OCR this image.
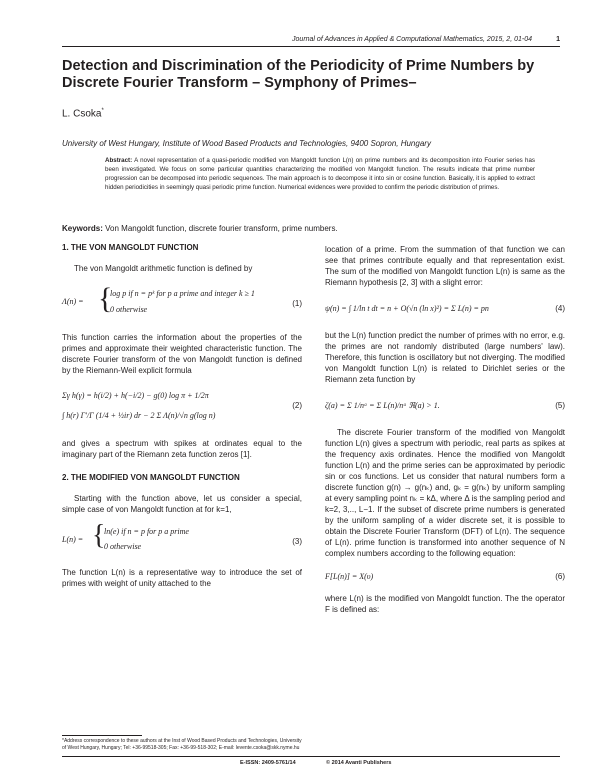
Journal of Advances in Applied & Computational Mathematics, 2015, 2, 01-04	1
Detection and Discrimination of the Periodicity of Prime Numbers by Discrete Fourier Transform – Symphony of Primes–
L. Csoka*
University of West Hungary, Institute of Wood Based Products and Technologies, 9400 Sopron, Hungary
Abstract: A novel representation of a quasi-periodic modified von Mangoldt function L(n) on prime numbers and its decomposition into Fourier series has been investigated. We focus on some particular quantities characterizing the modified von Mangoldt function. The results indicate that prime number progression can be decomposed into periodic sequences. The main approach is to decompose it into sin or cosine function. Basically, it is applied to extract hidden periodicities in seemingly quasi periodic prime function. Numerical evidences were provided to confirm the periodic distribution of primes.
Keywords: Von Mangoldt function, discrete fourier transform, prime numbers.
1. THE VON MANGOLDT FUNCTION

The von Mangoldt arithmetic function is defined by

Λ(n) = {
log p if n = pᵏ for p a prime and integer k ≥ 1
0 otherwise
(1)

This function carries the information about the properties of the primes and approximate their weighted characteristic function. The discrete Fourier transform of the von Mangoldt function is defined by the Riemann-Weil explicit formula

Σγ h(γ) = h(i/2) + h(−i/2) − g(0) log π + 1/2π
∫ h(r) Γ′/Γ (1/4 + ½ir) dr − 2 Σ Λ(n)/√n g(log n)
(2)

and gives a spectrum with spikes at ordinates equal to the imaginary part of the Riemann zeta function zeros [1].

2. THE MODIFIED VON MANGOLDT FUNCTION

Starting with the function above, let us consider a special, simple case of von Mangoldt function at for k=1,

L(n) = {
ln(e) if n = p for p a prime
0 otherwise
(3)

The function L(n) is a representative way to introduce the set of primes with weight of unity attached to the

location of a prime. From the summation of that function we can see that primes contribute equally and that representation exist. The sum of the modified von Mangoldt function L(n) is same as the Riemann hypothesis [2, 3] with a slight error:

ψ(n) = ∫ 1/ln t dt = n + O(√n (ln x)²) = Σ L(n) = pn	(4)

but the L(n) function predict the number of primes with no error, e.g. the primes are not randomly distributed (large numbers' law). Therefore, this function is oscillatory but not diverging. The modified von Mangoldt function L(n) is related to Dirichlet series or the Riemann zeta function by

ζ(a) = Σ 1/nᵃ = Σ L(n)/nᵃ ℜ(a) > 1.	(5)

The discrete Fourier transform of the modified von Mangoldt function L(n) gives a spectrum with periodic, real parts as spikes at the frequency axis ordinates. Hence the modified von Mangoldt function L(n) and the prime series can be approximated by periodic sin or cos functions. Let us consider that natural numbers form a discrete function g(n) → g(nₖ) and, gₖ = g(nₖ) by uniform sampling at every sampling point nₖ = kΔ, where Δ is the sampling period and k=2, 3,.., L−1. If the subset of discrete prime numbers is generated by the uniform sampling of a wider discrete set, it is possible to obtain the Discrete Fourier Transform (DFT) of L(n). The sequence of L(n). prime function is transformed into another sequence of N complex numbers according to the following equation:

F[L(n)] = X(υ)	(6)

where L(n) is the modified von Mangoldt function. The the operator F is defined as:

*Address correspondence to these authors at the Inst of Wood Based Products and Technologies, University of West Hungary, Hungary; Tel: +36-99518-305; Fax: +36-99-518-302; E-mail: levente.csoka@skk.nyme.hu
E-ISSN: 2409-5761/14	© 2014 Avanti Publishers
